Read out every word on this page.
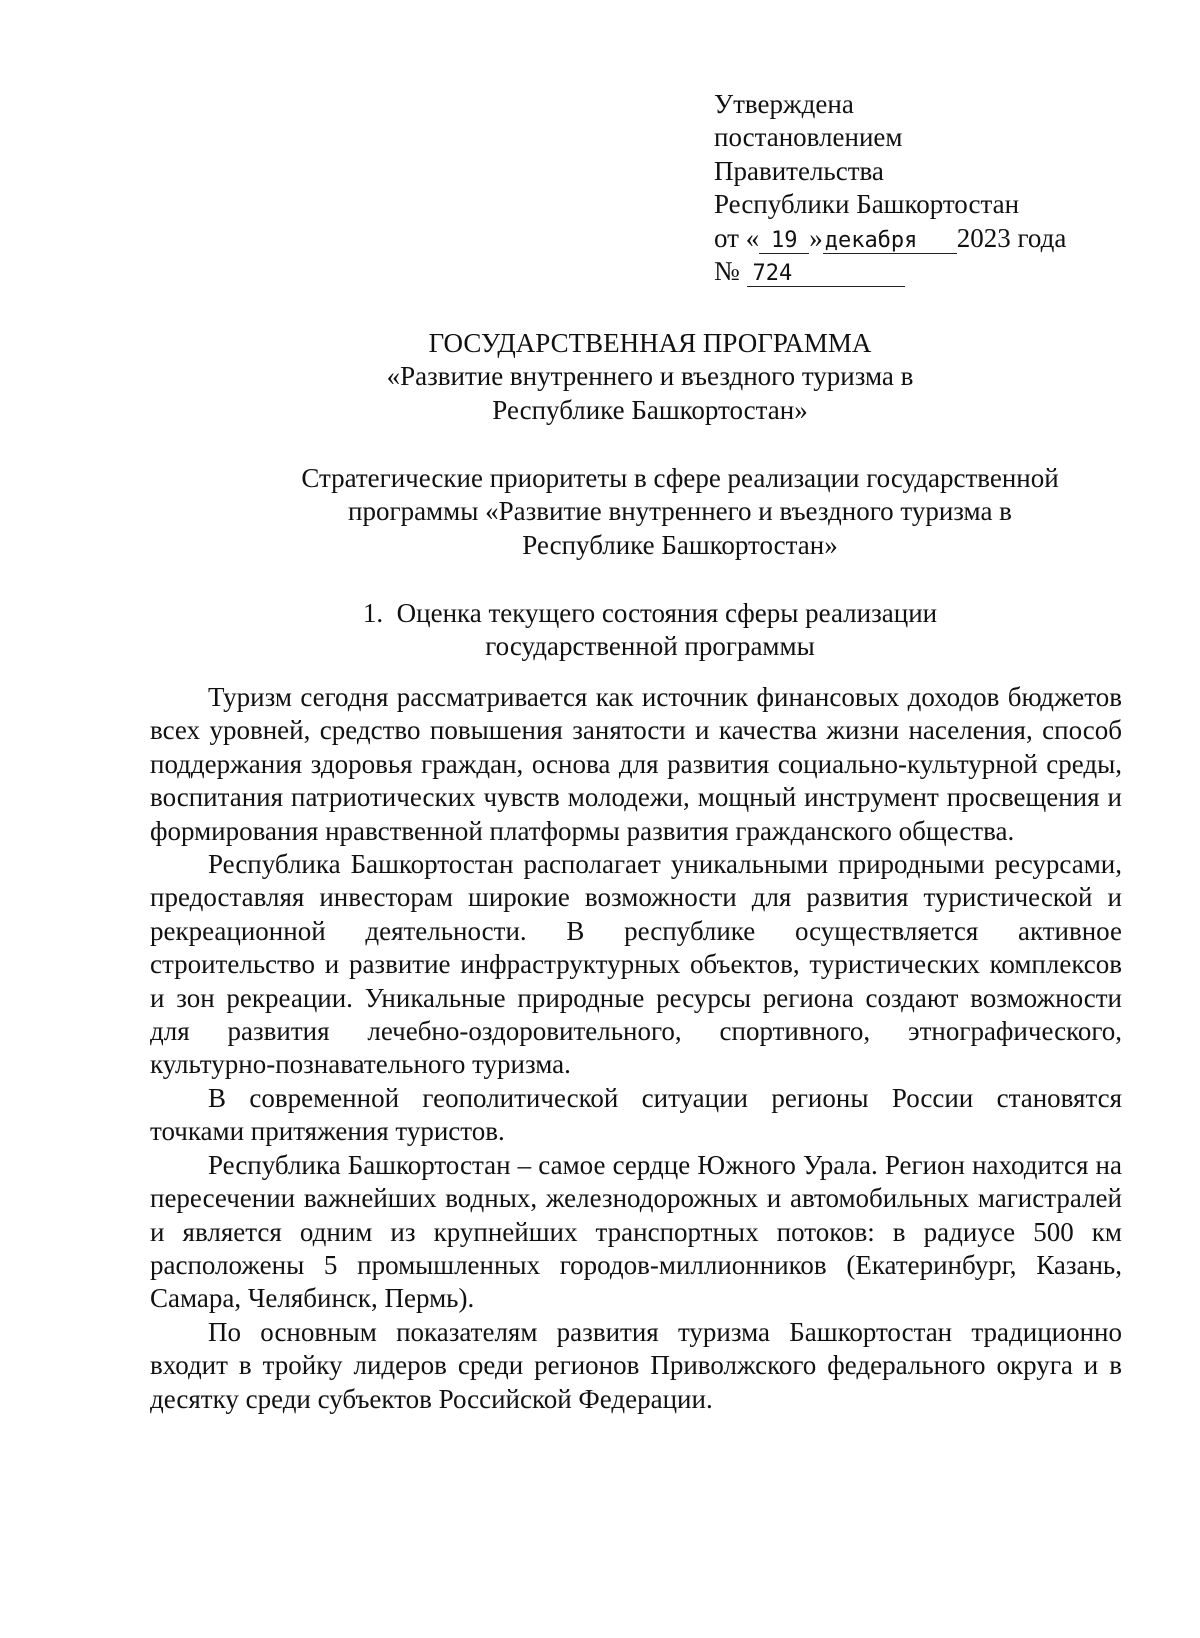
Утверждена
постановлением
Правительства
Республики Башкортостан
от « 19 »декабря 2023 года
№ 724
ГОСУДАРСТВЕННАЯ ПРОГРАММА
«Развитие внутреннего и въездного туризма в
Республике Башкортостан»
Стратегические приоритеты в сфере реализации государственной
программы «Развитие внутреннего и въездного туризма в
Республике Башкортостан»
1.  Оценка текущего состояния сферы реализации
государственной программы

Туризм сегодня рассматривается как источник финансовых доходов бюджетов всех уровней, средство повышения занятости и качества жизни населения, способ поддержания здоровья граждан, основа для развития социально-культурной среды, воспитания патриотических чувств молодежи, мощный инструмент просвещения и формирования нравственной платформы развития гражданского общества.

Республика Башкортостан располагает уникальными природными ресурсами, предоставляя инвесторам широкие возможности для развития туристической и рекреационной деятельности. В республике осуществляется активное строительство и развитие инфраструктурных объектов, туристических комплексов и зон рекреации. Уникальные природные ресурсы региона создают возможности для развития лечебно-оздоровительного, спортивного, этнографического, культурно-познавательного туризма.

В современной геополитической ситуации регионы России становятся точками притяжения туристов.

Республика Башкортостан – самое сердце Южного Урала. Регион находится на пересечении важнейших водных, железнодорожных и автомобильных магистралей и является одним из крупнейших транспортных потоков: в радиусе 500 км расположены 5 промышленных городов-миллионников (Екатеринбург, Казань, Самара, Челябинск, Пермь).

По основным показателям развития туризма Башкортостан традиционно входит в тройку лидеров среди регионов Приволжского федерального округа и в десятку среди субъектов Российской Федерации.
